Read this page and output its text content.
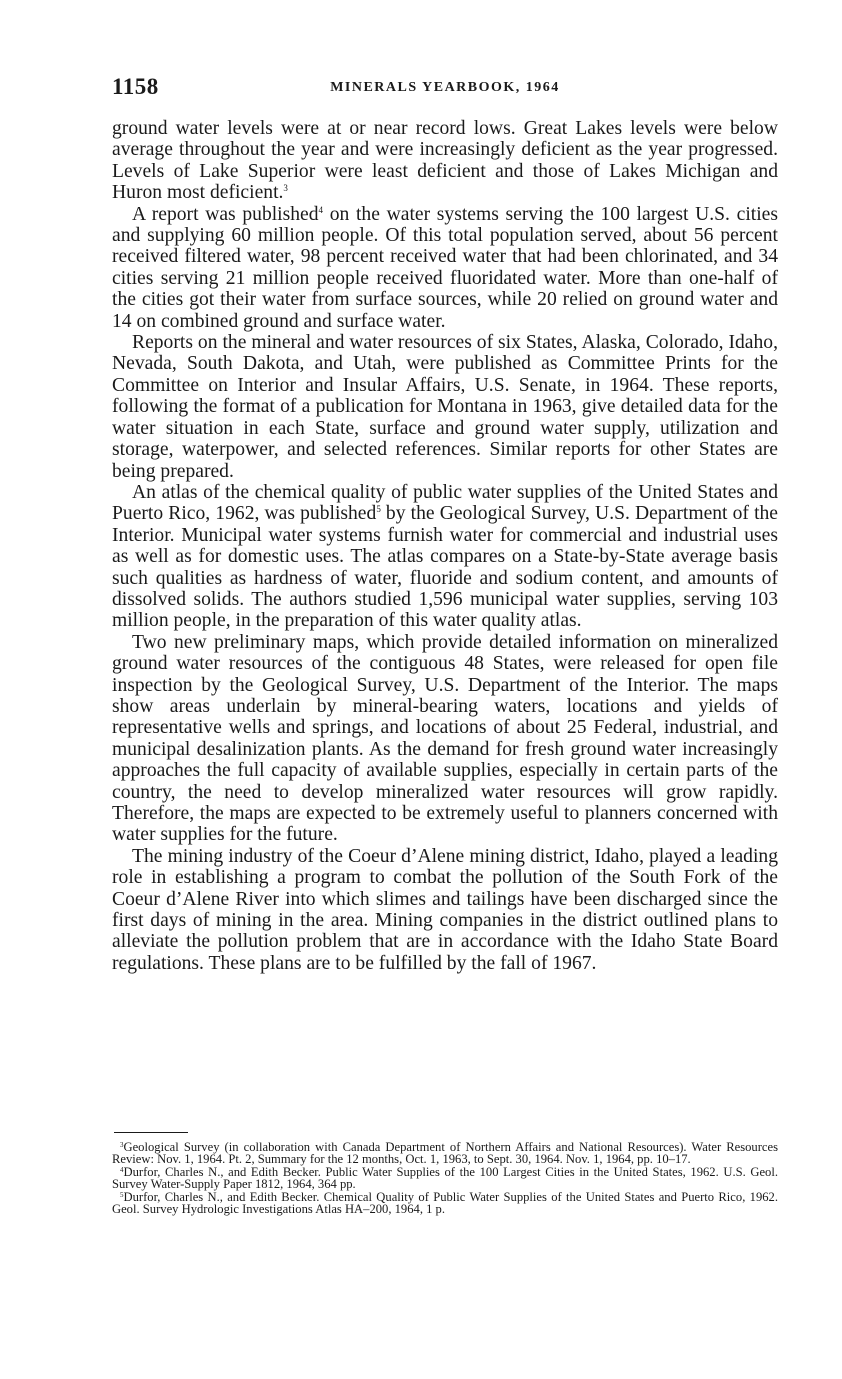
1158	MINERALS YEARBOOK, 1964

ground water levels were at or near record lows. Great Lakes levels were below average throughout the year and were increasingly deficient as the year progressed. Levels of Lake Superior were least deficient and those of Lakes Michigan and Huron most deficient.$^3$

A report was published$^4$ on the water systems serving the 100 largest U.S. cities and supplying 60 million people. Of this total population served, about 56 percent received filtered water, 98 percent received water that had been chlorinated, and 34 cities serving 21 million people received fluoridated water. More than one-half of the cities got their water from surface sources, while 20 relied on ground water and 14 on combined ground and surface water.

Reports on the mineral and water resources of six States, Alaska, Colorado, Idaho, Nevada, South Dakota, and Utah, were published as Committee Prints for the Committee on Interior and Insular Affairs, U.S. Senate, in 1964. These reports, following the format of a publication for Montana in 1963, give detailed data for the water situation in each State, surface and ground water supply, utilization and storage, waterpower, and selected references. Similar reports for other States are being prepared.

An atlas of the chemical quality of public water supplies of the United States and Puerto Rico, 1962, was published$^5$ by the Geological Survey, U.S. Department of the Interior. Municipal water systems furnish water for commercial and industrial uses as well as for domestic uses. The atlas compares on a State-by-State average basis such qualities as hardness of water, fluoride and sodium content, and amounts of dissolved solids. The authors studied 1,596 municipal water supplies, serving 103 million people, in the preparation of this water quality atlas.

Two new preliminary maps, which provide detailed information on mineralized ground water resources of the contiguous 48 States, were released for open file inspection by the Geological Survey, U.S. Department of the Interior. The maps show areas underlain by mineral-bearing waters, locations and yields of representative wells and springs, and locations of about 25 Federal, industrial, and municipal desalinization plants. As the demand for fresh ground water increasingly approaches the full capacity of available supplies, especially in certain parts of the country, the need to develop mineralized water resources will grow rapidly. Therefore, the maps are expected to be extremely useful to planners concerned with water supplies for the future.

The mining industry of the Coeur d’Alene mining district, Idaho, played a leading role in establishing a program to combat the pollution of the South Fork of the Coeur d’Alene River into which slimes and tailings have been discharged since the first days of mining in the area. Mining companies in the district outlined plans to alleviate the pollution problem that are in accordance with the Idaho State Board regulations. These plans are to be fulfilled by the fall of 1967.

$^3$Geological Survey (in collaboration with Canada Department of Northern Affairs and National Resources). Water Resources Review: Nov. 1, 1964. Pt. 2, Summary for the 12 months, Oct. 1, 1963, to Sept. 30, 1964. Nov. 1, 1964, pp. 10–17.

$^4$Durfor, Charles N., and Edith Becker. Public Water Supplies of the 100 Largest Cities in the United States, 1962. U.S. Geol. Survey Water-Supply Paper 1812, 1964, 364 pp.

$^5$Durfor, Charles N., and Edith Becker. Chemical Quality of Public Water Supplies of the United States and Puerto Rico, 1962. Geol. Survey Hydrologic Investigations Atlas HA–200, 1964, 1 p.
